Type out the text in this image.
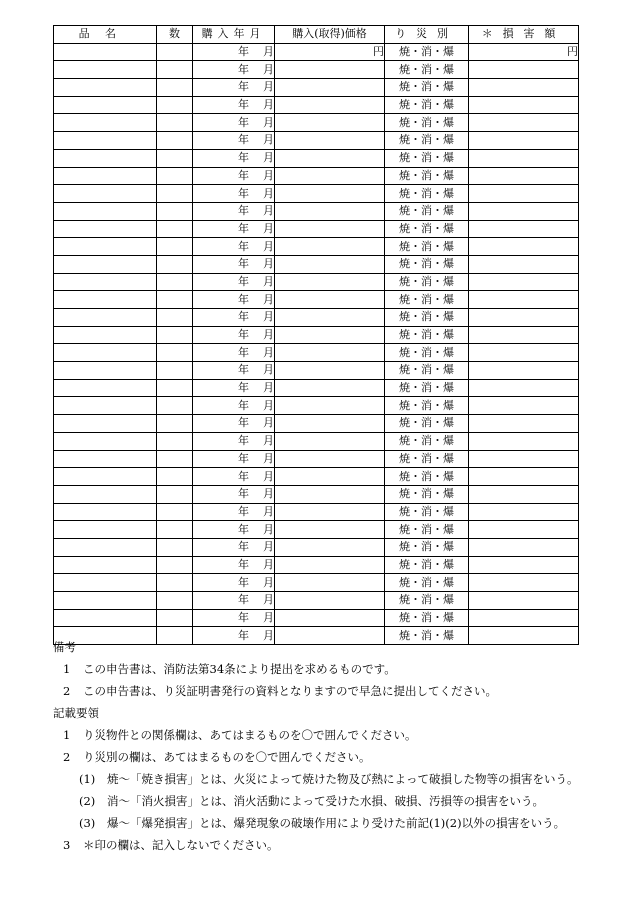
品名	数	購入年月	購入(取得)価格	り災別	＊損害額
		年 月	円	焼・消・爆	円
		年 月		焼・消・爆	
		年 月		焼・消・爆	
		年 月		焼・消・爆	
		年 月		焼・消・爆	
		年 月		焼・消・爆	
		年 月		焼・消・爆	
		年 月		焼・消・爆	
		年 月		焼・消・爆	
		年 月		焼・消・爆	
		年 月		焼・消・爆	
		年 月		焼・消・爆	
		年 月		焼・消・爆	
		年 月		焼・消・爆	
		年 月		焼・消・爆	
		年 月		焼・消・爆	
		年 月		焼・消・爆	
		年 月		焼・消・爆	
		年 月		焼・消・爆	
		年 月		焼・消・爆	
		年 月		焼・消・爆	
		年 月		焼・消・爆	
		年 月		焼・消・爆	
		年 月		焼・消・爆	
		年 月		焼・消・爆	
		年 月		焼・消・爆	
		年 月		焼・消・爆	
		年 月		焼・消・爆	
		年 月		焼・消・爆	
		年 月		焼・消・爆	
		年 月		焼・消・爆	
		年 月		焼・消・爆	
		年 月		焼・消・爆	
		年 月		焼・消・爆	
備考
1 この申告書は、消防法第34条により提出を求めるものです。
2 この申告書は、り災証明書発行の資料となりますので早急に提出してください。
記載要領
1 り災物件との関係欄は、あてはまるものを〇で囲んでください。
2 り災別の欄は、あてはまるものを〇で囲んでください。
(1) 焼～「焼き損害」とは、火災によって焼けた物及び熱によって破損した物等の損害をいう。
(2) 消～「消火損害」とは、消火活動によって受けた水損、破損、汚損等の損害をいう。
(3) 爆～「爆発損害」とは、爆発現象の破壊作用により受けた前記(1)(2)以外の損害をいう。
3 ＊印の欄は、記入しないでください。
